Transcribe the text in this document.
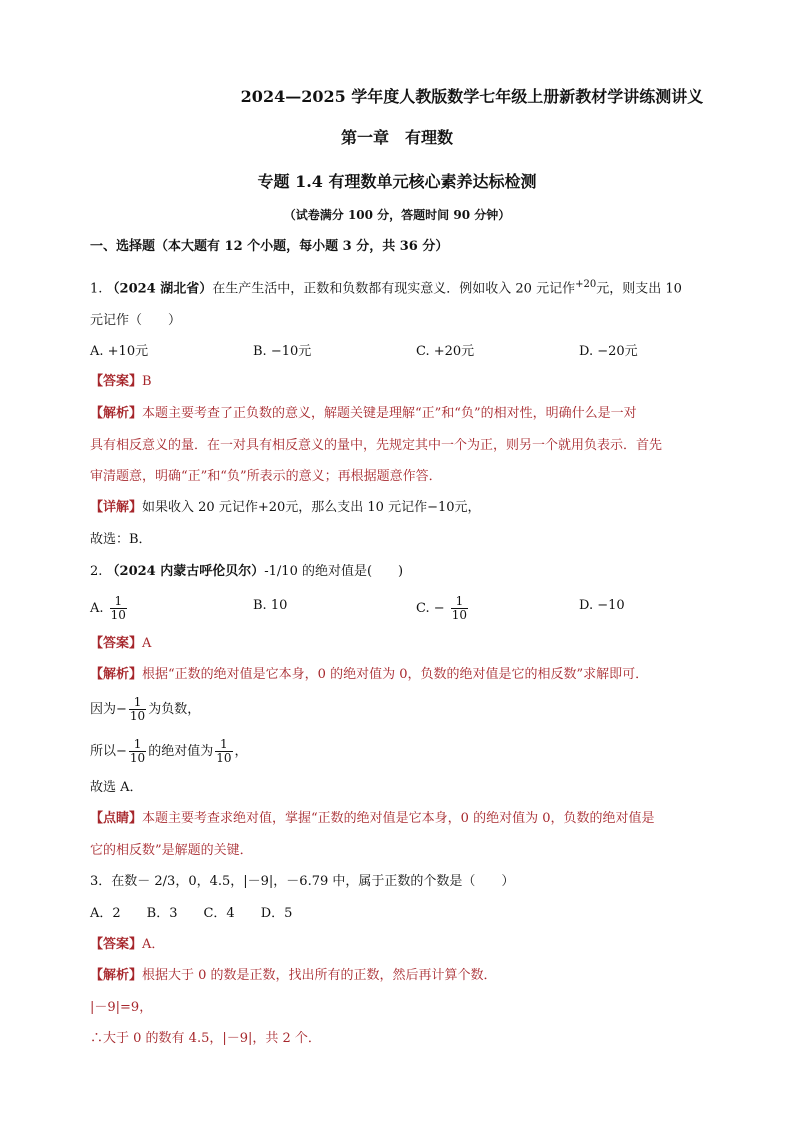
2024—2025 学年度人教版数学七年级上册新教材学讲练测讲义
第一章　有理数
专题 1.4 有理数单元核心素养达标检测
（试卷满分 100 分，答题时间 90 分钟）
一、选择题（本大题有 12 个小题，每小题 3 分，共 36 分）
1. （2024 湖北省）在生产生活中，正数和负数都有现实意义．例如收入 20 元记作$^{+20}$元，则支出 10
元记作（　　）
A. +10元	B. −10元	C. +20元	D. −20元
【答案】B
【解析】本题主要考查了正负数的意义，解题关键是理解“正”和“负”的相对性，明确什么是一对
具有相反意义的量．在一对具有相反意义的量中，先规定其中一个为正，则另一个就用负表示．首先
审清题意，明确“正”和“负”所表示的意义；再根据题意作答．
【详解】如果收入 20 元记作+20元，那么支出 10 元记作−10元，
故选：B．
2. （2024 内蒙古呼伦贝尔）-1/10 的绝对值是(　　)
A. $\frac{1}{10}$	B. 10	C. − $\frac{1}{10}$	D. −10
【答案】A
【解析】根据“正数的绝对值是它本身，0 的绝对值为 0，负数的绝对值是它的相反数”求解即可．
因为− $\frac{1}{10}$ 为负数，
所以− $\frac{1}{10}$ 的绝对值为 $\frac{1}{10}$ ，
故选 A．
【点睛】本题主要考查求绝对值，掌握“正数的绝对值是它本身，0 的绝对值为 0，负数的绝对值是
它的相反数”是解题的关键．
3．在数－ 2/3，0，4.5，|－9|，－6.79 中，属于正数的个数是（　　）
A．2　　B．3　　C．4　　D．5
【答案】A．
【解析】根据大于 0 的数是正数，找出所有的正数，然后再计算个数．
|－9|=9，
∴大于 0 的数有 4.5，|－9|，共 2 个．
